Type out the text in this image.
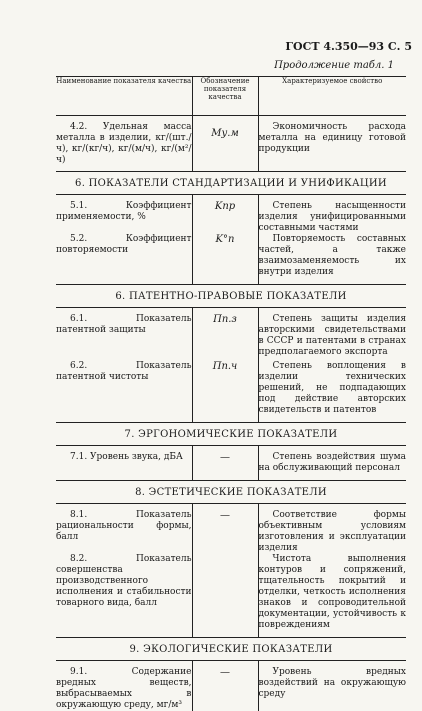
ГОСТ 4.350—93 С. 5
Продолжение табл. 1
Наименование показателя качества	Обозначение показателя качества	Характеризуемое свойство

4.2. Удельная масса металла в изделии, кг/(шт./ч), кг/(кг/ч), кг/(м/ч), кг/(м²/ч)	Mу.м	Экономичность расхода металла на единицу готовой продукции

6. ПОКАЗАТЕЛИ СТАНДАРТИЗАЦИИ И УНИФИКАЦИИ		

5.1. Коэффициент применяемости, %	Kпр	Степень насыщенности изделия унифицированными составными частями

5.2. Коэффициент повторяемости	K°п	Повторяемость составных частей, а также взаимозаменяемость их внутри изделия

6. ПАТЕНТНО-ПРАВОВЫЕ ПОКАЗАТЕЛИ		

6.1. Показатель патентной защиты	Пп.з	Степень защиты изделия авторскими свидетельствами в СССР и патентами в странах предполагаемого экспорта

6.2. Показатель патентной чистоты	Пп.ч	Степень воплощения в изделии технических решений, не подпадающих под действие авторских свидетельств и патентов

7. ЭРГОНОМИЧЕСКИЕ ПОКАЗАТЕЛИ		

7.1. Уровень звука, дБА	—	Степень воздействия шума на обслуживающий персонал

8. ЭСТЕТИЧЕСКИЕ ПОКАЗАТЕЛИ		

8.1. Показатель рациональности формы, балл	—	Соответствие формы объективным условиям изготовления и эксплуатации изделия

8.2. Показатель совершенства производственного исполнения и стабильности товарного вида, балл		Чистота выполнения контуров и сопряжений, тщательность покрытий и отделки, четкость исполнения знаков и сопроводительной документации, устойчивость к повреждениям

9. ЭКОЛОГИЧЕСКИЕ ПОКАЗАТЕЛИ		

9.1. Содержание вредных веществ, выбрасываемых в окружающую среду, мг/м³	—	Уровень вредных воздействий на окружающую среду
